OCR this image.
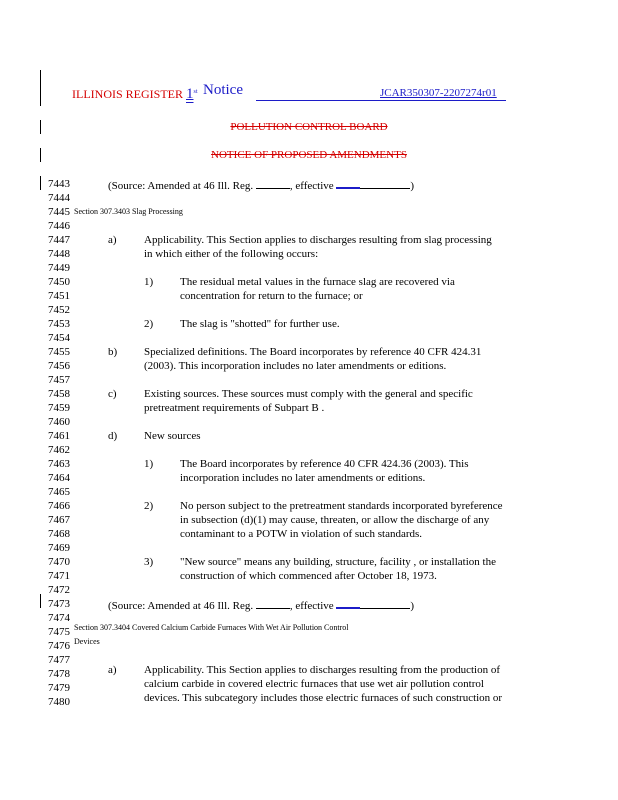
ILLINOIS REGISTER 1st Notice	JCAR350307-2207274r01
POLLUTION CONTROL BOARD
NOTICE OF PROPOSED AMENDMENTS
7443
7444
7445
7446
7447
7448
7449
7450
7451
7452
7453
7454
7455
7456
7457
7458
7459
7460
7461
7462
7463
7464
7465
7466
7467
7468
7469
7470
7471
7472
7473
7474
7475
7476
7477
7478
7479
7480
(Source: Amended at 46 Ill. Reg.	, effective	)
Section 307.3403 Slag Processing
a) Applicability. This Section applies to discharges resulting from slag processing
in which either of the following occurs:
1) The residual metal values in the furnace slag are recovered via
concentration for return to the furnace; or
2) The slag is "shotted" for further use.
b) Specialized definitions. The Board incorporates by reference 40 CFR 424.31
(2003). This incorporation includes no later amendments or editions.
c) Existing sources. These sources must comply with the general and specific
pretreatment requirements of Subpart B .
d) New sources
1) The Board incorporates by reference 40 CFR 424.36 (2003). This
incorporation includes no later amendments or editions.
2) No person subject to the pretreatment standards incorporated byreference
in subsection (d)(1) may cause, threaten, or allow the discharge of any
contaminant to a POTW in violation of such standards.
3) "New source" means any building, structure, facility , or installation the
construction of which commenced after October 18, 1973.
(Source: Amended at 46 Ill. Reg.	, effective	)
Section 307.3404 Covered Calcium Carbide Furnaces With Wet Air Pollution Control
Devices
a) Applicability. This Section applies to discharges resulting from the production of
calcium carbide in covered electric furnaces that use wet air pollution control
devices. This subcategory includes those electric furnaces of such construction or
